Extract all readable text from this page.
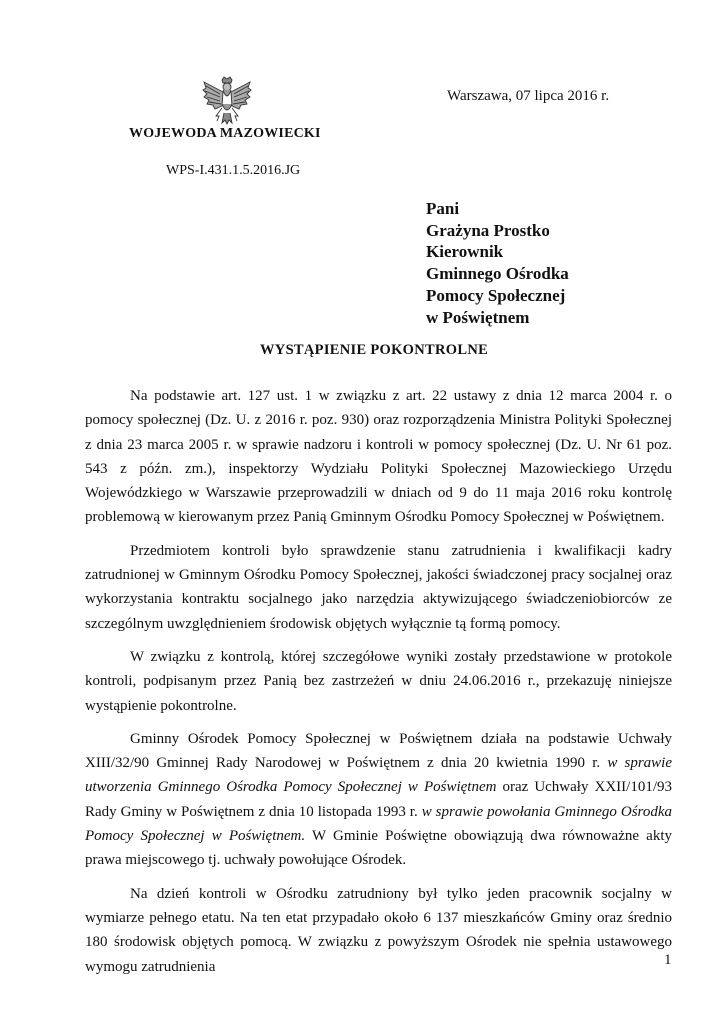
Warszawa, 07 lipca 2016 r.
WOJEWODA MAZOWIECKI
WPS-I.431.1.5.2016.JG
Pani
Grażyna Prostko
Kierownik
Gminnego Ośrodka
Pomocy Społecznej
w Poświętnem
WYSTĄPIENIE POKONTROLNE

Na podstawie art. 127 ust. 1 w związku z art. 22 ustawy z dnia 12 marca 2004 r. o pomocy społecznej (Dz. U. z 2016 r. poz. 930) oraz rozporządzenia Ministra Polityki Społecznej z dnia 23 marca 2005 r. w sprawie nadzoru i kontroli w pomocy społecznej (Dz. U. Nr 61 poz. 543 z późn. zm.), inspektorzy Wydziału Polityki Społecznej Mazowieckiego Urzędu Wojewódzkiego w Warszawie przeprowadzili w dniach od 9 do 11 maja 2016 roku kontrolę problemową w kierowanym przez Panią Gminnym Ośrodku Pomocy Społecznej w Poświętnem.

Przedmiotem kontroli było sprawdzenie stanu zatrudnienia i kwalifikacji kadry zatrudnionej w Gminnym Ośrodku Pomocy Społecznej, jakości świadczonej pracy socjalnej oraz wykorzystania kontraktu socjalnego jako narzędzia aktywizującego świadczeniobiorców ze szczególnym uwzględnieniem środowisk objętych wyłącznie tą formą pomocy.

W związku z kontrolą, której szczegółowe wyniki zostały przedstawione w protokole kontroli, podpisanym przez Panią bez zastrzeżeń w dniu 24.06.2016 r., przekazuję niniejsze wystąpienie pokontrolne.

Gminny Ośrodek Pomocy Społecznej w Poświętnem działa na podstawie Uchwały XIII/32/90 Gminnej Rady Narodowej w Poświętnem z dnia 20 kwietnia 1990 r. w sprawie utworzenia Gminnego Ośrodka Pomocy Społecznej w Poświętnem oraz Uchwały XXII/101/93 Rady Gminy w Poświętnem z dnia 10 listopada 1993 r. w sprawie powołania Gminnego Ośrodka Pomocy Społecznej w Poświętnem. W Gminie Poświętne obowiązują dwa równoważne akty prawa miejscowego tj. uchwały powołujące Ośrodek.

Na dzień kontroli w Ośrodku zatrudniony był tylko jeden pracownik socjalny w wymiarze pełnego etatu. Na ten etat przypadało około 6 137 mieszkańców Gminy oraz średnio 180 środowisk objętych pomocą. W związku z powyższym Ośrodek nie spełnia ustawowego wymogu zatrudnienia	1
